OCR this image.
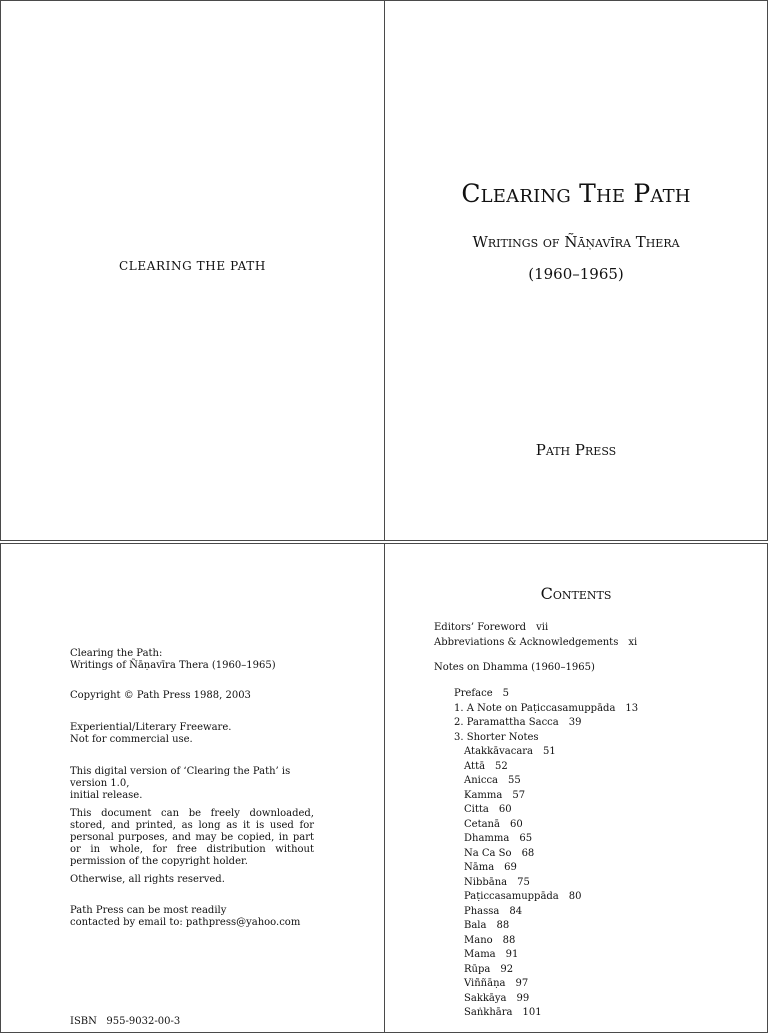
CLEARING THE PATH
Clearing The Path
Writings of Ñāṇavīra Thera
(1960–1965)
Path Press

Clearing the Path:

Writings of Ñāṇavīra Thera (1960–1965)

Copyright © Path Press 1988, 2003

Experiential/Literary Freeware.

Not for commercial use.

This digital version of ‘Clearing the Path’ is version 1.0,

initial release.

This document can be freely downloaded, stored, and printed, as long as it is used for personal purposes, and may be copied, in part or in whole, for free distribution without permission of the copyright holder.

Otherwise, all rights reserved.

Path Press can be most readily

contacted by email to: pathpress@yahoo.com

ISBN   955-9032-00-3

Contents
Editors’ Foreword vii
Abbreviations & Acknowledgements xi
Notes on Dhamma (1960–1965)
Preface 5
1. A Note on Paṭiccasamuppāda 13
2. Paramattha Sacca 39
3. Shorter Notes
Atakkāvacara 51
Attā 52
Anicca 55
Kamma 57
Citta 60
Cetanā 60
Dhamma 65
Na Ca So 68
Nāma 69
Nibbāna 75
Paṭiccasamuppāda 80
Phassa 84
Bala 88
Mano 88
Mama 91
Rūpa 92
Viññāṇa 97
Sakkāya 99
Saṅkhāra 101
